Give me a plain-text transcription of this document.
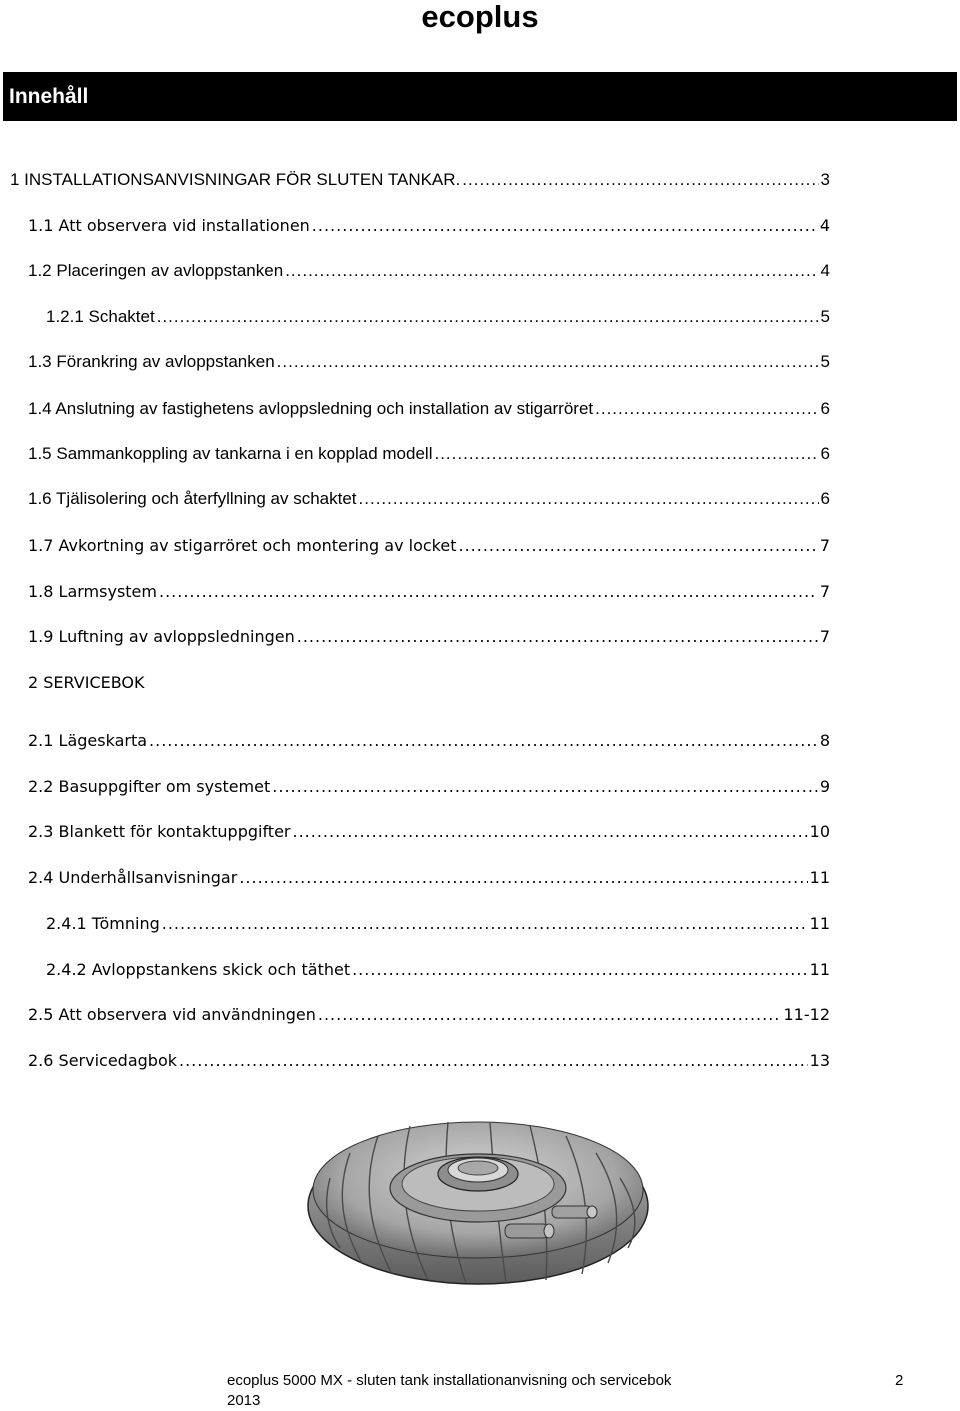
ecoplus
Innehåll
1 INSTALLATIONSANVISNINGAR FÖR SLUTEN TANKAR. .....	3
1.1 Att observera vid installationen .....	4
1.2 Placeringen av avloppstanken .....	4
1.2.1 Schaktet .....	5
1.3 Förankring av avloppstanken .....	5
1.4 Anslutning av fastighetens avloppsledning och installation av stigarröret .....	6
1.5 Sammankoppling av tankarna i en kopplad modell .....	6
1.6 Tjälisolering och återfyllning av schaktet .....	6
1.7 Avkortning av stigarröret och montering av locket .....	7
1.8 Larmsystem .....	7
1.9 Luftning av avloppsledningen .....	7
2 SERVICEBOK
2.1 Lägeskarta .....	8
2.2 Basuppgifter om systemet .....	9
2.3 Blankett för kontaktuppgifter .....	10
2.4 Underhållsanvisningar .....	11
2.4.1 Tömning .....	11
2.4.2 Avloppstankens skick och täthet .....	11
2.5 Att observera vid användningen .....	11-12
2.6 Servicedagbok .....	13
ecoplus 5000 MX - sluten tank installationanvisning och servicebok 2013
2
